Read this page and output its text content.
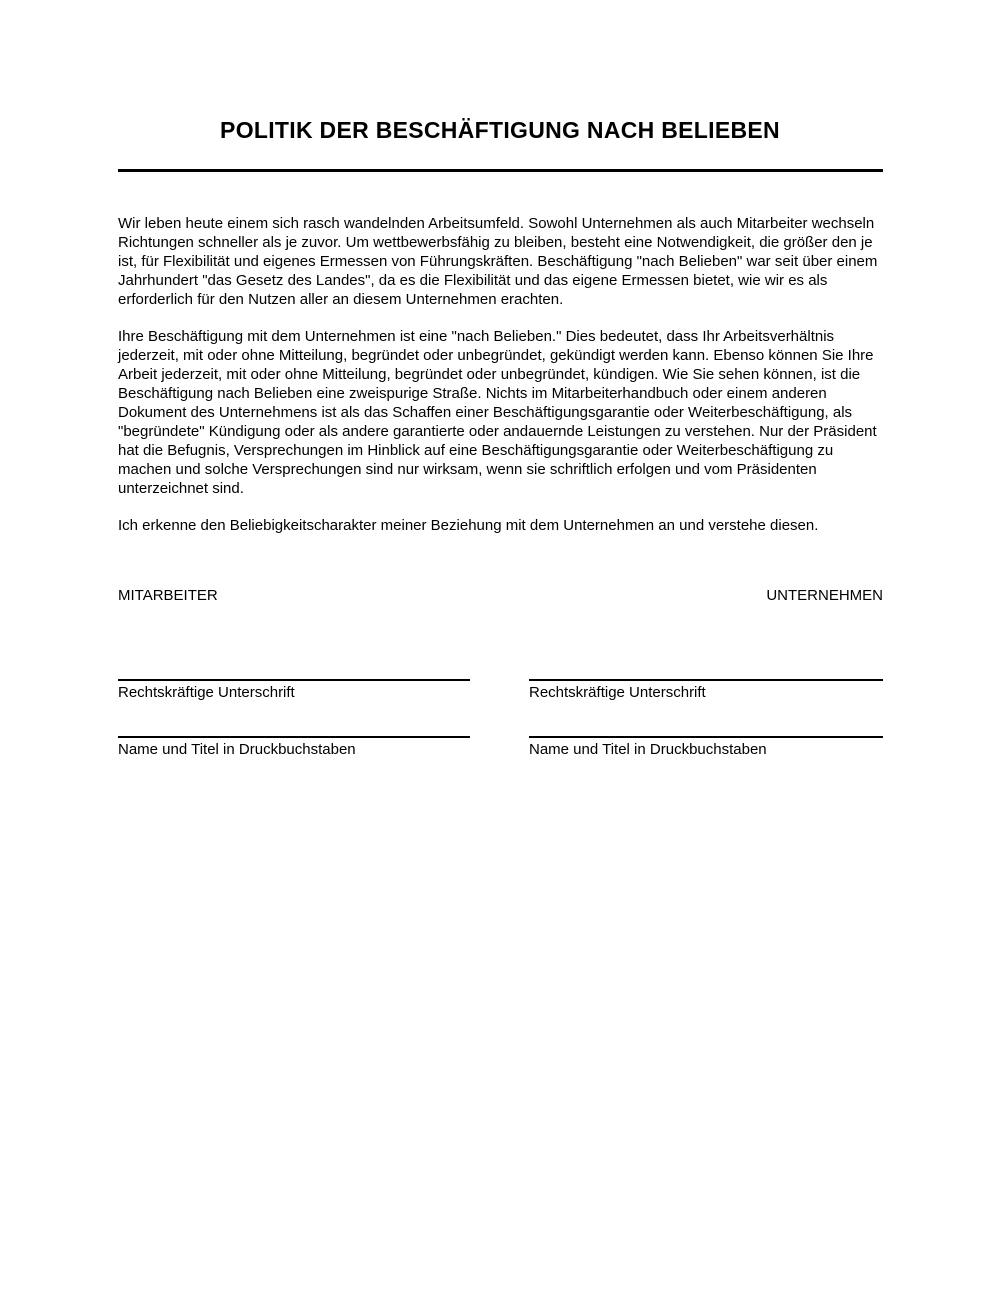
POLITIK DER BESCHÄFTIGUNG NACH BELIEBEN

Wir leben heute einem sich rasch wandelnden Arbeitsumfeld. Sowohl Unternehmen als auch Mitarbeiter wechseln Richtungen schneller als je zuvor. Um wettbewerbsfähig zu bleiben, besteht eine Notwendigkeit, die größer den je ist, für Flexibilität und eigenes Ermessen von Führungskräften. Beschäftigung "nach Belieben" war seit über einem Jahrhundert "das Gesetz des Landes", da es die Flexibilität und das eigene Ermessen bietet, wie wir es als erforderlich für den Nutzen aller an diesem Unternehmen erachten.

Ihre Beschäftigung mit dem Unternehmen ist eine "nach Belieben." Dies bedeutet, dass Ihr Arbeitsverhältnis jederzeit, mit oder ohne Mitteilung, begründet oder unbegründet, gekündigt werden kann. Ebenso können Sie Ihre Arbeit jederzeit, mit oder ohne Mitteilung, begründet oder unbegründet, kündigen. Wie Sie sehen können, ist die Beschäftigung nach Belieben eine zweispurige Straße. Nichts im Mitarbeiterhandbuch oder einem anderen Dokument des Unternehmens ist als das Schaffen einer Beschäftigungsgarantie oder Weiterbeschäftigung, als "begründete" Kündigung oder als andere garantierte oder andauernde Leistungen zu verstehen. Nur der Präsident hat die Befugnis, Versprechungen im Hinblick auf eine Beschäftigungsgarantie oder Weiterbeschäftigung zu machen und solche Versprechungen sind nur wirksam, wenn sie schriftlich erfolgen und vom Präsidenten unterzeichnet sind.

Ich erkenne den Beliebigkeitscharakter meiner Beziehung mit dem Unternehmen an und verstehe diesen.

MITARBEITER	UNTERNEHMEN
Rechtskräftige Unterschrift
Name und Titel in Druckbuchstaben
Rechtskräftige Unterschrift
Name und Titel in Druckbuchstaben
